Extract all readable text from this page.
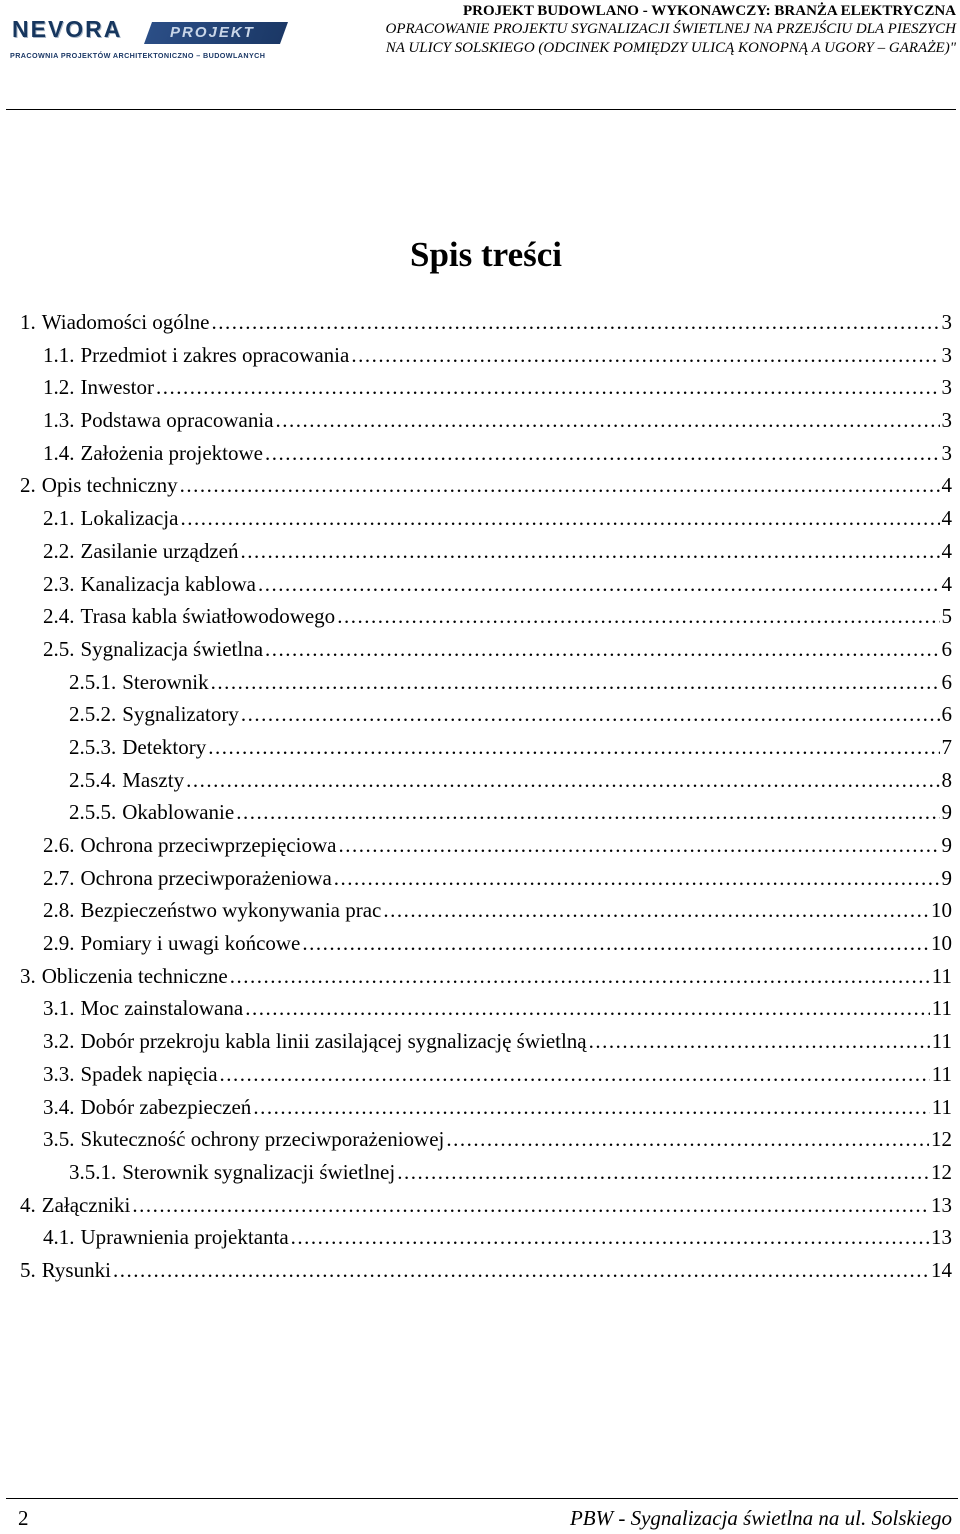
NEVORA	PROJEKT
PRACOWNIA PROJEKTÓW ARCHITEKTONICZNO – BUDOWLANYCH
PROJEKT BUDOWLANO - WYKONAWCZY: BRANŻA ELEKTRYCZNA
OPRACOWANIE PROJEKTU SYGNALIZACJI ŚWIETLNEJ NA PRZEJŚCIU DLA PIESZYCH
NA ULICY SOLSKIEGO (ODCINEK POMIĘDZY ULICĄ KONOPNĄ A UGORY – GARAŻE)"
Spis treści
1. Wiadomości ogólne .....	3
1.1. Przedmiot i zakres opracowania .....	3
1.2. Inwestor .....	3
1.3. Podstawa opracowania .....	3
1.4. Założenia projektowe .....	3
2. Opis techniczny .....	4
2.1. Lokalizacja .....	4
2.2. Zasilanie urządzeń .....	4
2.3. Kanalizacja kablowa .....	4
2.4. Trasa kabla światłowodowego .....	5
2.5. Sygnalizacja świetlna .....	6
2.5.1. Sterownik .....	6
2.5.2. Sygnalizatory .....	6
2.5.3. Detektory .....	7
2.5.4. Maszty .....	8
2.5.5. Okablowanie .....	9
2.6. Ochrona przeciwprzepięciowa .....	9
2.7. Ochrona przeciwporażeniowa .....	9
2.8. Bezpieczeństwo wykonywania prac .....	10
2.9. Pomiary i uwagi końcowe .....	10
3. Obliczenia techniczne .....	11
3.1. Moc zainstalowana .....	11
3.2. Dobór przekroju kabla linii zasilającej sygnalizację świetlną .....	11
3.3. Spadek napięcia .....	11
3.4. Dobór zabezpieczeń .....	11
3.5. Skuteczność ochrony przeciwporażeniowej .....	12
3.5.1. Sterownik sygnalizacji świetlnej .....	12
4. Załączniki .....	13
4.1. Uprawnienia projektanta .....	13
5. Rysunki .....	14
2	PBW - Sygnalizacja świetlna na ul. Solskiego
